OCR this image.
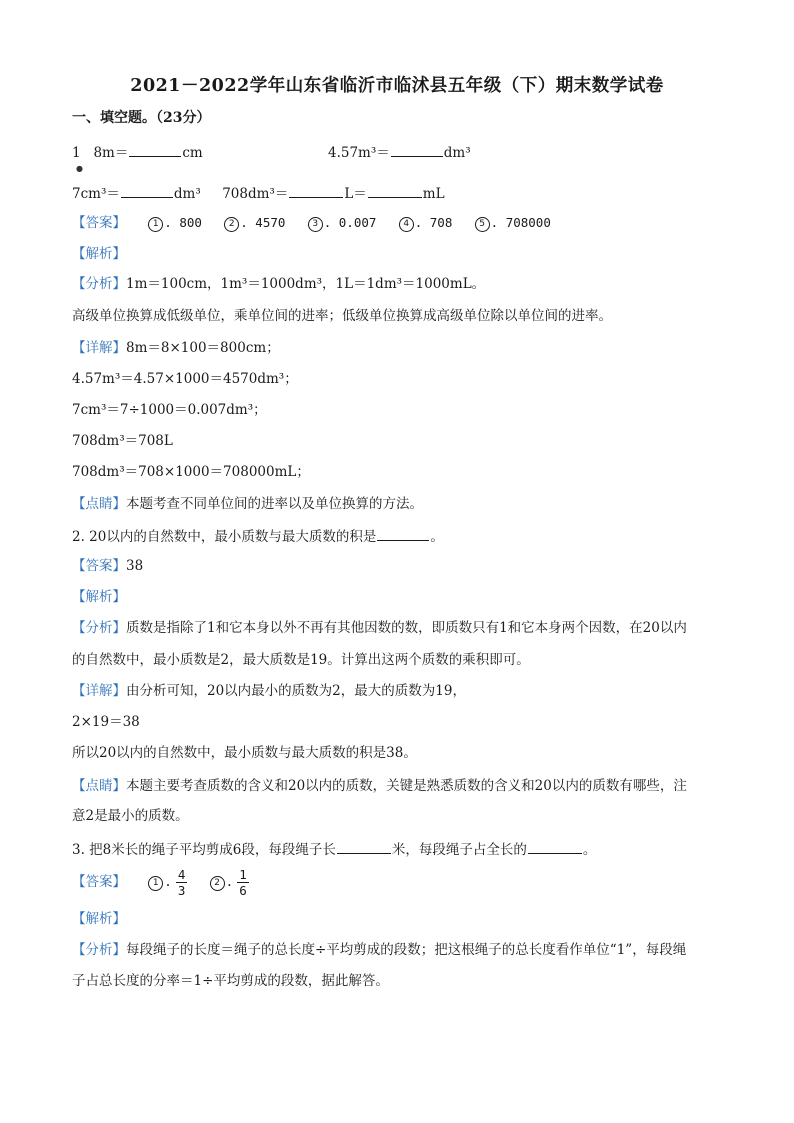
2021－2022学年山东省临沂市临沭县五年级（下）期末数学试卷
一、填空题。（23分）
1 8m＝	cm	4.57m³＝	dm³
●
7cm³＝	dm³ 708dm³＝	L＝	mL
【答案】	1 . 800	2 . 4570	3 . 0.007	4 . 708	5 . 708000
【解析】
【分析】1m＝100cm，1m³＝1000dm³，1L＝1dm³＝1000mL。
高级单位换算成低级单位，乘单位间的进率；低级单位换算成高级单位除以单位间的进率。
【详解】8m＝8×100＝800cm；
4.57m³＝4.57×1000＝4570dm³；
7cm³＝7÷1000＝0.007dm³；
708dm³＝708L
708dm³＝708×1000＝708000mL；
【点睛】本题考查不同单位间的进率以及单位换算的方法。
2. 20以内的自然数中，最小质数与最大质数的积是	。
【答案】38
【解析】
【分析】质数是指除了1和它本身以外不再有其他因数的数，即质数只有1和它本身两个因数，在20以内
的自然数中，最小质数是2，最大质数是19。计算出这两个质数的乘积即可。
【详解】由分析可知，20以内最小的质数为2，最大的质数为19，
2×19＝38
所以20以内的自然数中，最小质数与最大质数的积是38。
【点睛】本题主要考查质数的含义和20以内的质数，关键是熟悉质数的含义和20以内的质数有哪些，注
意2是最小的质数。
3. 把8米长的绳子平均剪成6段，每段绳子长	米，每段绳子占全长的	。
【答案】	1 . $\frac{4}{3}$	2 . $\frac{1}{6}$
【解析】
【分析】每段绳子的长度＝绳子的总长度÷平均剪成的段数；把这根绳子的总长度看作单位“1”，每段绳
子占总长度的分率＝1÷平均剪成的段数，据此解答。
